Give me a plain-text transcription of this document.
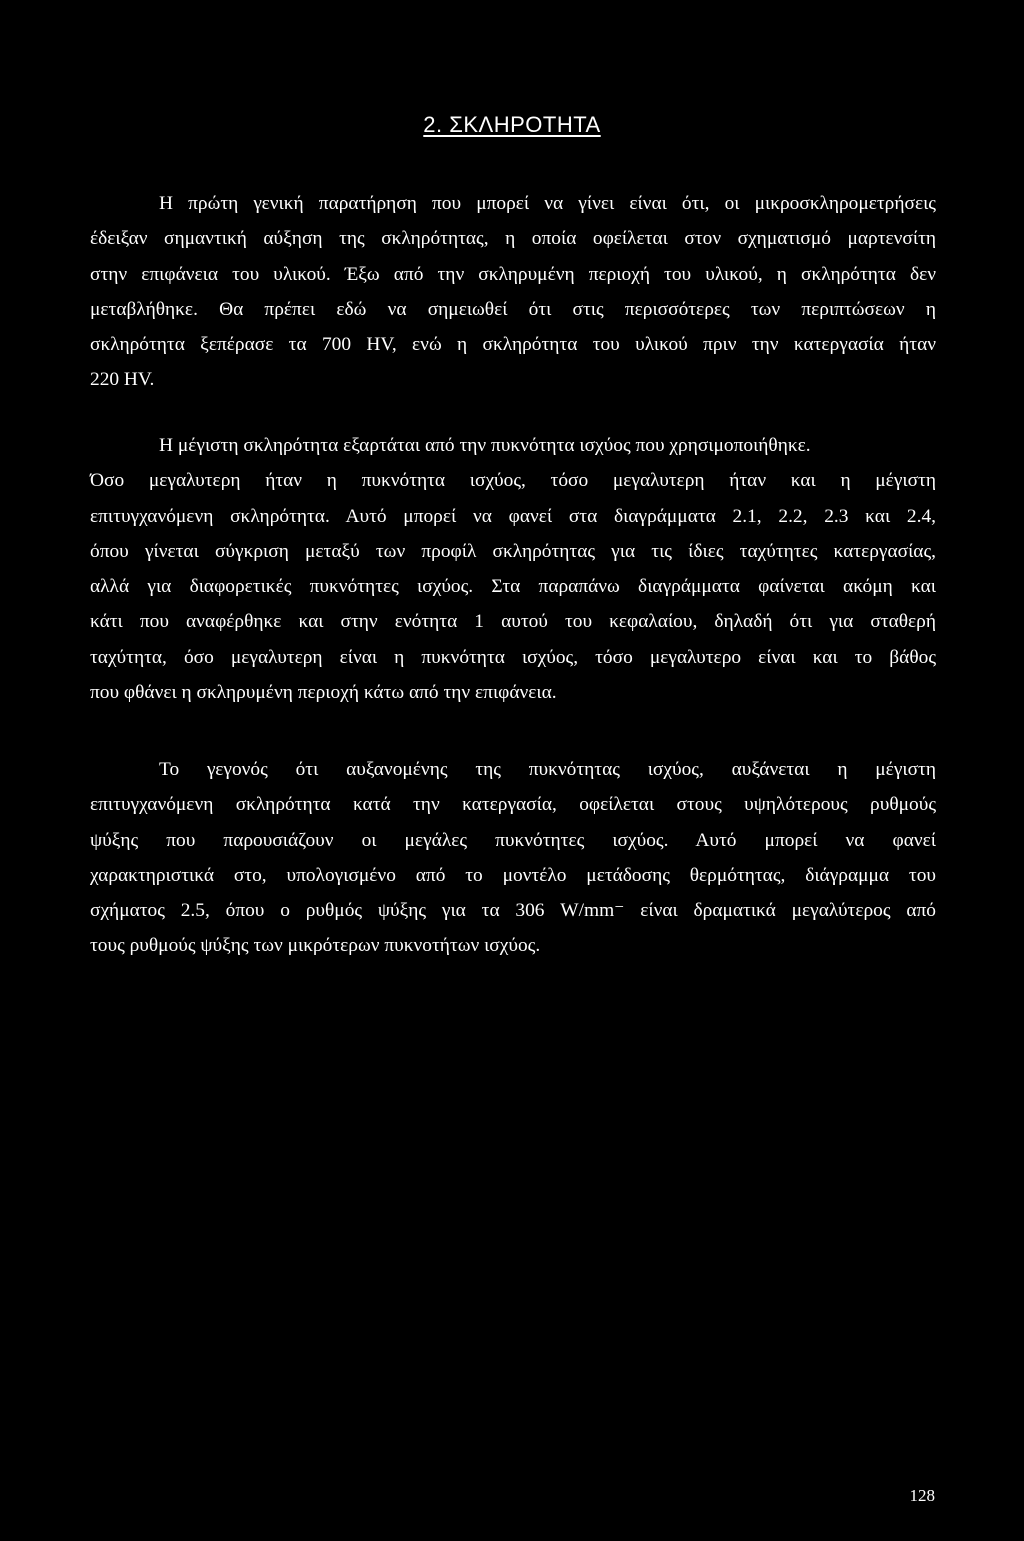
2. ΣΚΛΗΡΟΤΗΤΑ
Η πρώτη γενική παρατήρηση που μπορεί να γίνει είναι ότι, οι μικροσκληρομετρήσεις
έδειξαν σημαντική αύξηση της σκληρότητας, η οποία οφείλεται στον σχηματισμό μαρτενσίτη
στην επιφάνεια του υλικού. Έξω από την σκληρυμένη περιοχή του υλικού, η σκληρότητα δεν
μεταβλήθηκε. Θα πρέπει εδώ να σημειωθεί ότι στις περισσότερες των περιπτώσεων η
σκληρότητα ξεπέρασε τα 700 HV, ενώ η σκληρότητα του υλικού πριν την κατεργασία ήταν
220 HV.
Η μέγιστη σκληρότητα εξαρτάται από την πυκνότητα ισχύος που χρησιμοποιήθηκε.
Όσο μεγαλυτερη ήταν η πυκνότητα ισχύος, τόσο μεγαλυτερη ήταν και η μέγιστη
επιτυγχανόμενη σκληρότητα. Αυτό μπορεί να φανεί στα διαγράμματα 2.1, 2.2, 2.3 και 2.4,
όπου γίνεται σύγκριση μεταξύ των προφίλ σκληρότητας για τις ίδιες ταχύτητες κατεργασίας,
αλλά για διαφορετικές πυκνότητες ισχύος. Στα παραπάνω διαγράμματα φαίνεται ακόμη και
κάτι που αναφέρθηκε και στην ενότητα 1 αυτού του κεφαλαίου, δηλαδή ότι για σταθερή
ταχύτητα, όσο μεγαλυτερη είναι η πυκνότητα ισχύος, τόσο μεγαλυτερο είναι και το βάθος
που φθάνει η σκληρυμένη περιοχή κάτω από την επιφάνεια.
Το γεγονός ότι αυξανομένης της πυκνότητας ισχύος, αυξάνεται η μέγιστη
επιτυγχανόμενη σκληρότητα κατά την κατεργασία, οφείλεται στους υψηλότερους ρυθμούς
ψύξης που παρουσιάζουν οι μεγάλες πυκνότητες ισχύος. Αυτό μπορεί να φανεί
χαρακτηριστικά στο, υπολογισμένο από το μοντέλο μετάδοσης θερμότητας, διάγραμμα του
σχήματος 2.5, όπου ο ρυθμός ψύξης για τα 306 W/mm⁻ είναι δραματικά μεγαλύτερος από
τους ρυθμούς ψύξης των μικρότερων πυκνοτήτων ισχύος.
128
